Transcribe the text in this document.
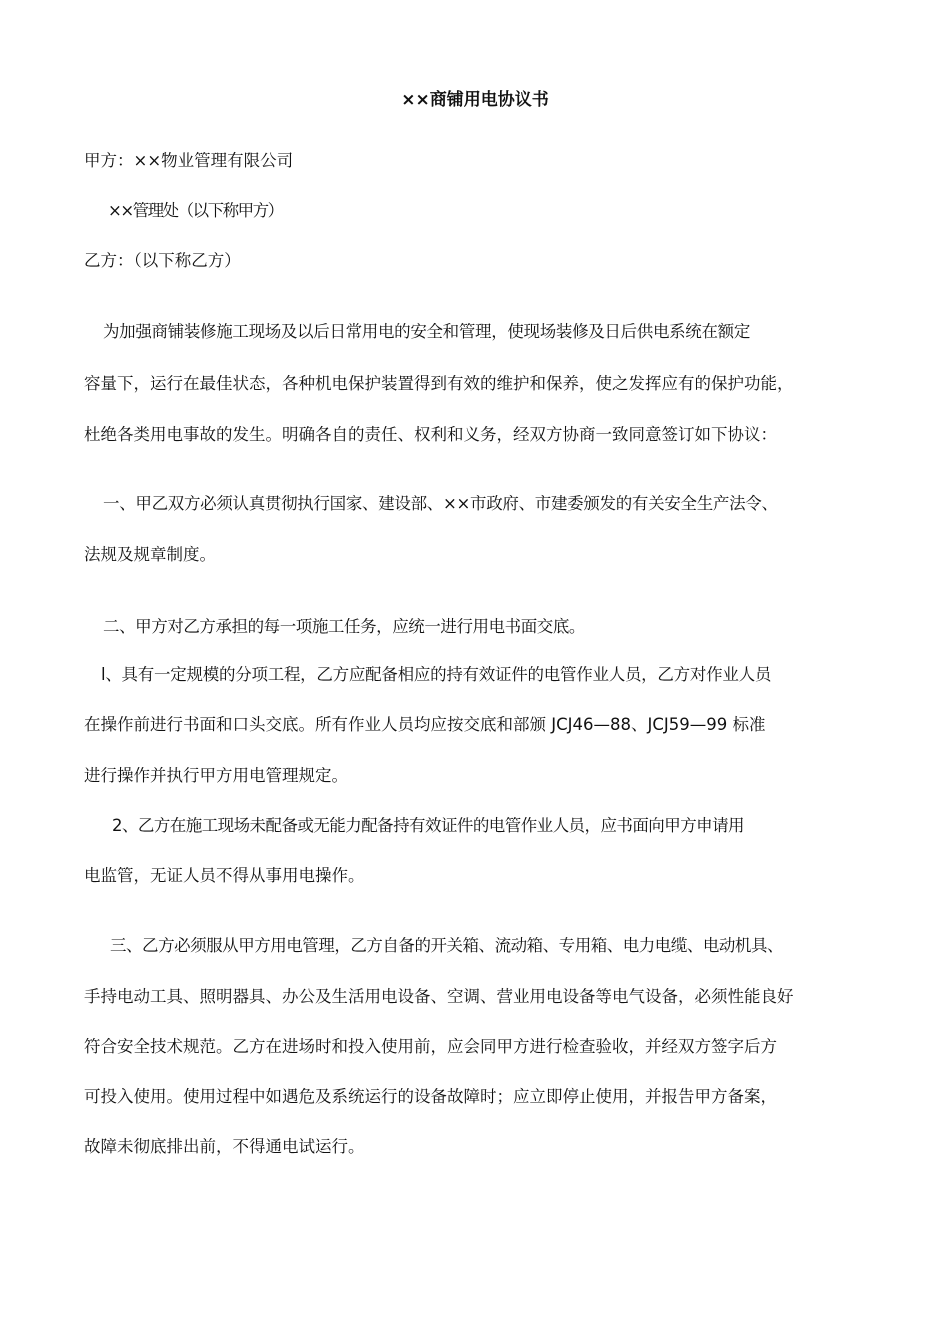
××商铺用电协议书
甲方：××物业管理有限公司
××管理处（以下称甲方）
乙方：（以下称乙方）
为加强商铺装修施工现场及以后日常用电的安全和管理，使现场装修及日后供电系统在额定
容量下，运行在最佳状态，各种机电保护装置得到有效的维护和保养，使之发挥应有的保护功能，
杜绝各类用电事故的发生。明确各自的责任、权利和义务，经双方协商一致同意签订如下协议：
一、甲乙双方必须认真贯彻执行国家、建设部、××市政府、市建委颁发的有关安全生产法令、
法规及规章制度。
二、甲方对乙方承担的每一项施工任务，应统一进行用电书面交底。
l、具有一定规模的分项工程，乙方应配备相应的持有效证件的电管作业人员，乙方对作业人员
在操作前进行书面和口头交底。所有作业人员均应按交底和部颁 JCJ46—88、JCJ59—99 标准
进行操作并执行甲方用电管理规定。
2、乙方在施工现场未配备或无能力配备持有效证件的电管作业人员，应书面向甲方申请用
电监管，无证人员不得从事用电操作。
三、乙方必须服从甲方用电管理，乙方自备的开关箱、流动箱、专用箱、电力电缆、电动机具、
手持电动工具、照明器具、办公及生活用电设备、空调、营业用电设备等电气设备，必须性能良好
符合安全技术规范。乙方在进场时和投入使用前，应会同甲方进行检查验收，并经双方签字后方
可投入使用。使用过程中如遇危及系统运行的设备故障时；应立即停止使用，并报告甲方备案，
故障未彻底排出前，不得通电试运行。
